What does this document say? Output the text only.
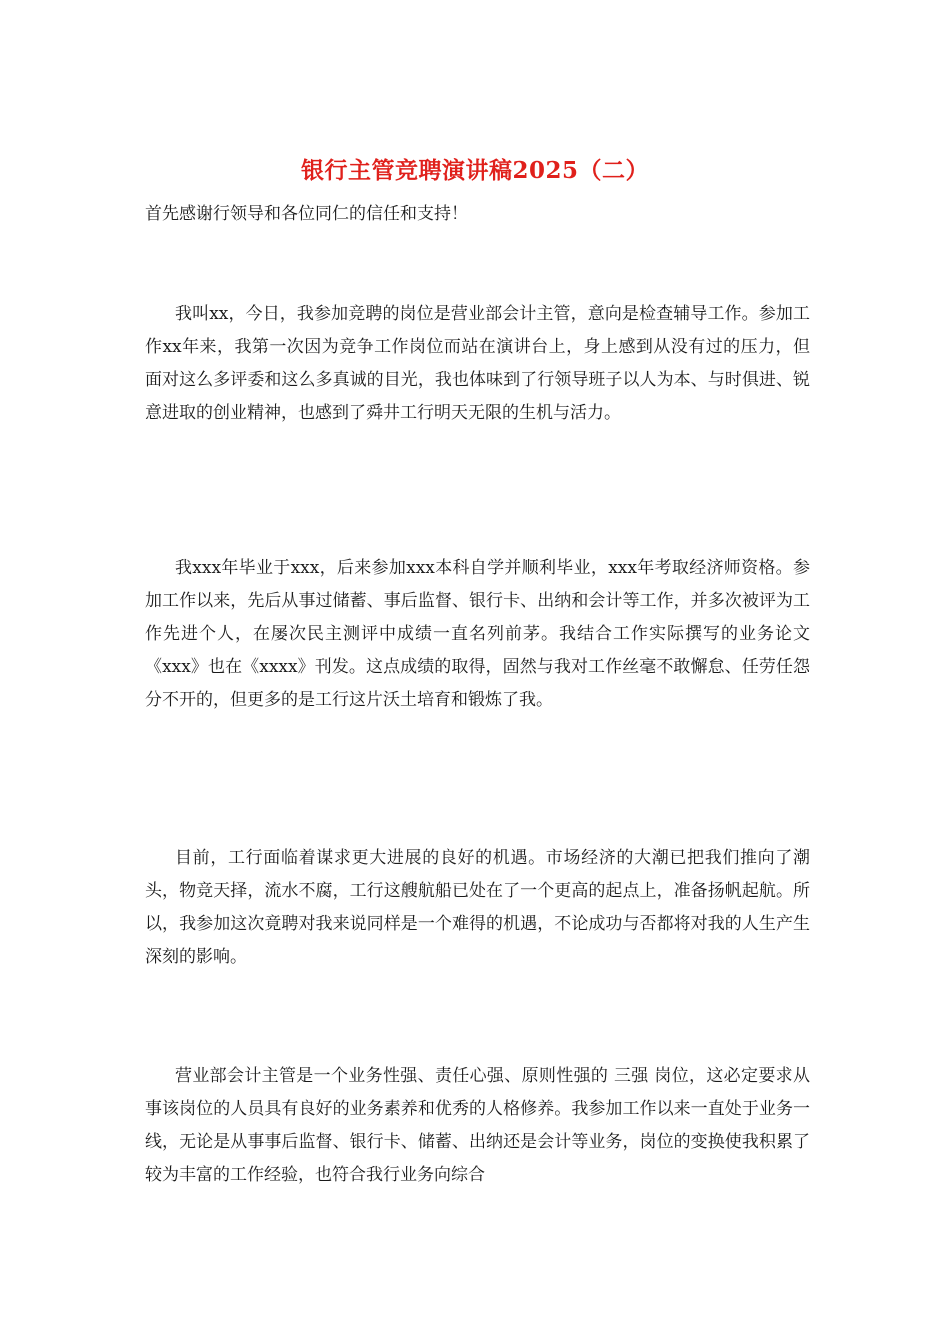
银行主管竞聘演讲稿2025（二）

首先感谢行领导和各位同仁的信任和支持！

我叫xx，今日，我参加竞聘的岗位是营业部会计主管，意向是检查辅导工作。参加工作xx年来，我第一次因为竞争工作岗位而站在演讲台上，身上感到从没有过的压力，但面对这么多评委和这么多真诚的目光，我也体味到了行领导班子以人为本、与时俱进、锐意进取的创业精神，也感到了舜井工行明天无限的生机与活力。

我xxx年毕业于xxx，后来参加xxx本科自学并顺利毕业，xxx年考取经济师资格。参加工作以来，先后从事过储蓄、事后监督、银行卡、出纳和会计等工作，并多次被评为工作先进个人，在屡次民主测评中成绩一直名列前茅。我结合工作实际撰写的业务论文《xxx》也在《xxxx》刊发。这点成绩的取得，固然与我对工作丝毫不敢懈怠、任劳任怨分不开的，但更多的是工行这片沃土培育和锻炼了我。

目前，工行面临着谋求更大进展的良好的机遇。市场经济的大潮已把我们推向了潮头，物竞天择，流水不腐，工行这艘航船已处在了一个更高的起点上，准备扬帆起航。所以，我参加这次竟聘对我来说同样是一个难得的机遇，不论成功与否都将对我的人生产生深刻的影响。

营业部会计主管是一个业务性强、责任心强、原则性强的 三强 岗位，这必定要求从事该岗位的人员具有良好的业务素养和优秀的人格修养。我参加工作以来一直处于业务一线，无论是从事事后监督、银行卡、储蓄、出纳还是会计等业务，岗位的变换使我积累了较为丰富的工作经验，也符合我行业务向综合
